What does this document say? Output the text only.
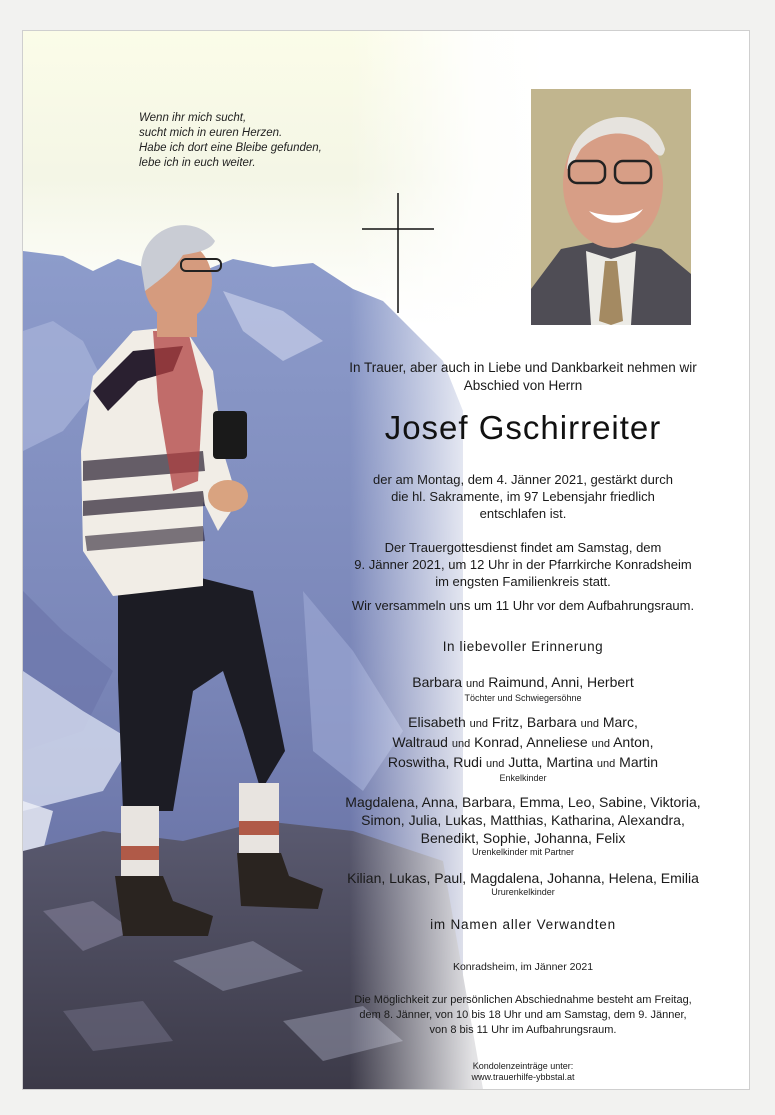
Wenn ihr mich sucht,
sucht mich in euren Herzen.
Habe ich dort eine Bleibe gefunden,
lebe ich in euch weiter.
In Trauer, aber auch in Liebe und Dankbarkeit nehmen wir
Abschied von Herrn
Josef Gschirreiter
der am Montag, dem 4. Jänner 2021, gestärkt durch
die hl. Sakramente, im 97 Lebensjahr friedlich
entschlafen ist.
Der Trauergottesdienst findet am Samstag, dem
9. Jänner 2021, um 12 Uhr in der Pfarrkirche Konradsheim
im engsten Familienkreis statt.
Wir versammeln uns um 11 Uhr vor dem Aufbahrungsraum.
In liebevoller Erinnerung
Barbara und Raimund, Anni, Herbert
Töchter und Schwiegersöhne
Elisabeth und Fritz, Barbara und Marc,
Waltraud und Konrad, Anneliese und Anton,
Roswitha, Rudi und Jutta, Martina und Martin
Enkelkinder
Magdalena, Anna, Barbara, Emma, Leo, Sabine, Viktoria,
Simon, Julia, Lukas, Matthias, Katharina, Alexandra,
Benedikt, Sophie, Johanna, Felix
Urenkelkinder mit Partner
Kilian, Lukas, Paul, Magdalena, Johanna, Helena, Emilia
Ururenkelkinder
im Namen aller Verwandten
Konradsheim, im Jänner 2021
Die Möglichkeit zur persönlichen Abschiednahme besteht am Freitag,
dem 8. Jänner, von 10 bis 18 Uhr und am Samstag, dem 9. Jänner,
von 8 bis 11 Uhr im Aufbahrungsraum.
Kondolenzeinträge unter:
www.trauerhilfe-ybbstal.at
